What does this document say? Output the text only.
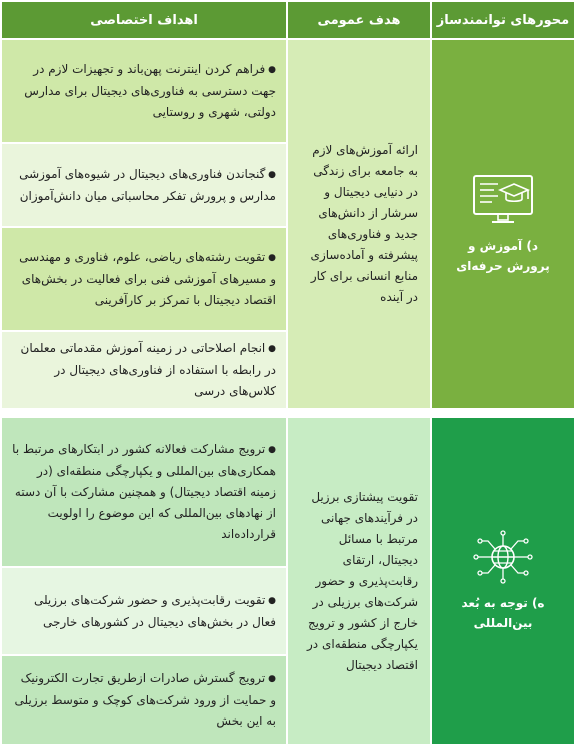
محورهای توانمندساز
هدف عمومی
اهداف اختصاصی
د) آموزش و پرورش حرفه‌ای
ارائه آموزش‌های لازم به جامعه برای زندگی در دنیایی دیجیتال و سرشار از دانش‌های جدید و فناوری‌های پیشرفته و آماده‌سازی منابع انسانی برای کار در آینده
● فراهم کردن اینترنت پهن‌باند و تجهیزات لازم در جهت دسترسی به فناوری‌های دیجیتال برای مدارس دولتی، شهری و روستایی
● گنجاندن فناوری‌های دیجیتال در شیوه‌های آموزشی مدارس و پرورش تفکر محاسباتی میان دانش‌آموزان
● تقویت رشته‌های ریاضی، علوم، فناوری و مهندسی و مسیرهای آموزشی فنی برای فعالیت در بخش‌های اقتصاد دیجیتال با تمرکز بر کارآفرینی
● انجام اصلاحاتی در زمینه آموزش مقدماتی معلمان در رابطه با استفاده از فناوری‌های دیجیتال در کلاس‌های درسی
ه) توجه به بُعد بین‌المللی
تقویت پیشتازی برزیل در فرآیندهای جهانی مرتبط با مسائل دیجیتال، ارتقای رقابت‌پذیری و حضور شرکت‌های برزیلی در خارج از کشور و ترویج یکپارچگی منطقه‌ای در اقتصاد دیجیتال
● ترویج مشارکت فعالانه کشور در ابتکارهای مرتبط با همکاری‌های بین‌المللی و یکپارچگی منطقه‌ای (در زمینه اقتصاد دیجیتال) و همچنین مشارکت با آن دسته از نهادهای بین‌المللی که این موضوع را اولویت قرارداده‌اند
● تقویت رقابت‌پذیری و حضور شرکت‌های برزیلی فعال در بخش‌های دیجیتال در کشورهای خارجی
● ترویج گسترش صادرات ازطریق تجارت الکترونیک و حمایت از ورود شرکت‌های کوچک و متوسط برزیلی به این بخش
